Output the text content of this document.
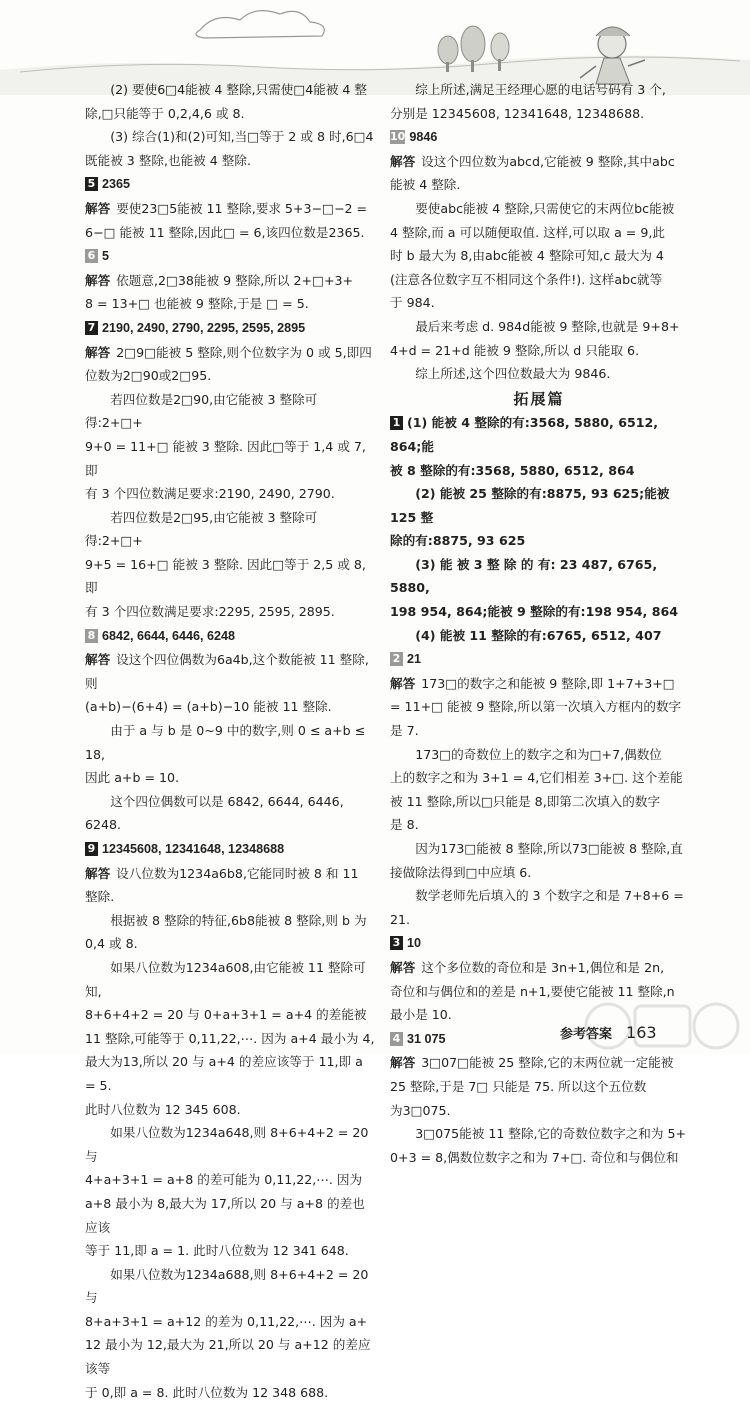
(2) 要使6□4能被 4 整除,只需使□4能被 4 整

除,□只能等于 0,2,4,6 或 8.

(3) 综合(1)和(2)可知,当□等于 2 或 8 时,6□4

既能被 3 整除,也能被 4 整除.

5 2365

解答 要使23□5能被 11 整除,要求 5+3−□−2 =

6−□ 能被 11 整除,因此□ = 6,该四位数是2365.

6 5

解答 依题意,2□38能被 9 整除,所以 2+□+3+

8 = 13+□ 也能被 9 整除,于是 □ = 5.

7 2190, 2490, 2790, 2295, 2595, 2895

解答 2□9□能被 5 整除,则个位数字为 0 或 5,即四

位数为2□90或2□95.

若四位数是2□90,由它能被 3 整除可得:2+□+

9+0 = 11+□ 能被 3 整除. 因此□等于 1,4 或 7,即

有 3 个四位数满足要求:2190, 2490, 2790.

若四位数是2□95,由它能被 3 整除可得:2+□+

9+5 = 16+□ 能被 3 整除. 因此□等于 2,5 或 8,即

有 3 个四位数满足要求:2295, 2595, 2895.

8 6842, 6644, 6446, 6248

解答 设这个四位偶数为6a4b,这个数能被 11 整除,则

(a+b)−(6+4) = (a+b)−10 能被 11 整除.

由于 a 与 b 是 0~9 中的数字,则 0 ≤ a+b ≤ 18,

因此 a+b = 10.

这个四位偶数可以是 6842, 6644, 6446, 6248.

9 12345608, 12341648, 12348688

解答 设八位数为1234a6b8,它能同时被 8 和 11

整除.

根据被 8 整除的特征,6b8能被 8 整除,则 b 为

0,4 或 8.

如果八位数为1234a608,由它能被 11 整除可知,

8+6+4+2 = 20 与 0+a+3+1 = a+4 的差能被

11 整除,可能等于 0,11,22,⋯. 因为 a+4 最小为 4,

最大为13,所以 20 与 a+4 的差应该等于 11,即 a = 5.

此时八位数为 12 345 608.

如果八位数为1234a648,则 8+6+4+2 = 20 与

4+a+3+1 = a+8 的差可能为 0,11,22,⋯. 因为

a+8 最小为 8,最大为 17,所以 20 与 a+8 的差也应该

等于 11,即 a = 1. 此时八位数为 12 341 648.

如果八位数为1234a688,则 8+6+4+2 = 20 与

8+a+3+1 = a+12 的差为 0,11,22,⋯. 因为 a+

12 最小为 12,最大为 21,所以 20 与 a+12 的差应该等

于 0,即 a = 8. 此时八位数为 12 348 688.

综上所述,满足王经理心愿的电话号码有 3 个,

分别是 12345608, 12341648, 12348688.

10 9846

解答 设这个四位数为abcd,它能被 9 整除,其中abc

能被 4 整除.

要使abc能被 4 整除,只需使它的末两位bc能被

4 整除,而 a 可以随便取值. 这样,可以取 a = 9,此

时 b 最大为 8,由abc能被 4 整除可知,c 最大为 4

(注意各位数字互不相同这个条件!). 这样abc就等

于 984.

最后来考虑 d. 984d能被 9 整除,也就是 9+8+

4+d = 21+d 能被 9 整除,所以 d 只能取 6.

综上所述,这个四位数最大为 9846.

拓展篇

1 (1) 能被 4 整除的有:3568, 5880, 6512, 864;能

被 8 整除的有:3568, 5880, 6512, 864

(2) 能被 25 整除的有:8875, 93 625;能被 125 整

除的有:8875, 93 625

(3) 能 被 3 整 除 的 有: 23 487, 6765, 5880,

198 954, 864;能被 9 整除的有:198 954, 864

(4) 能被 11 整除的有:6765, 6512, 407

2 21

解答 173□的数字之和能被 9 整除,即 1+7+3+□

= 11+□ 能被 9 整除,所以第一次填入方框内的数字

是 7.

173□的奇数位上的数字之和为□+7,偶数位

上的数字之和为 3+1 = 4,它们相差 3+□. 这个差能

被 11 整除,所以□只能是 8,即第二次填入的数字

是 8.

因为173□能被 8 整除,所以73□能被 8 整除,直

接做除法得到□中应填 6.

数学老师先后填入的 3 个数字之和是 7+8+6 =

21.

3 10

解答 这个多位数的奇位和是 3n+1,偶位和是 2n,

奇位和与偶位和的差是 n+1,要使它能被 11 整除,n

最小是 10.

4 31 075

解答 3□07□能被 25 整除,它的末两位就一定能被

25 整除,于是 7□ 只能是 75. 所以这个五位数

为3□075.

3□075能被 11 整除,它的奇数位数字之和为 5+

0+3 = 8,偶数位数字之和为 7+□. 奇位和与偶位和

参考答案 163
